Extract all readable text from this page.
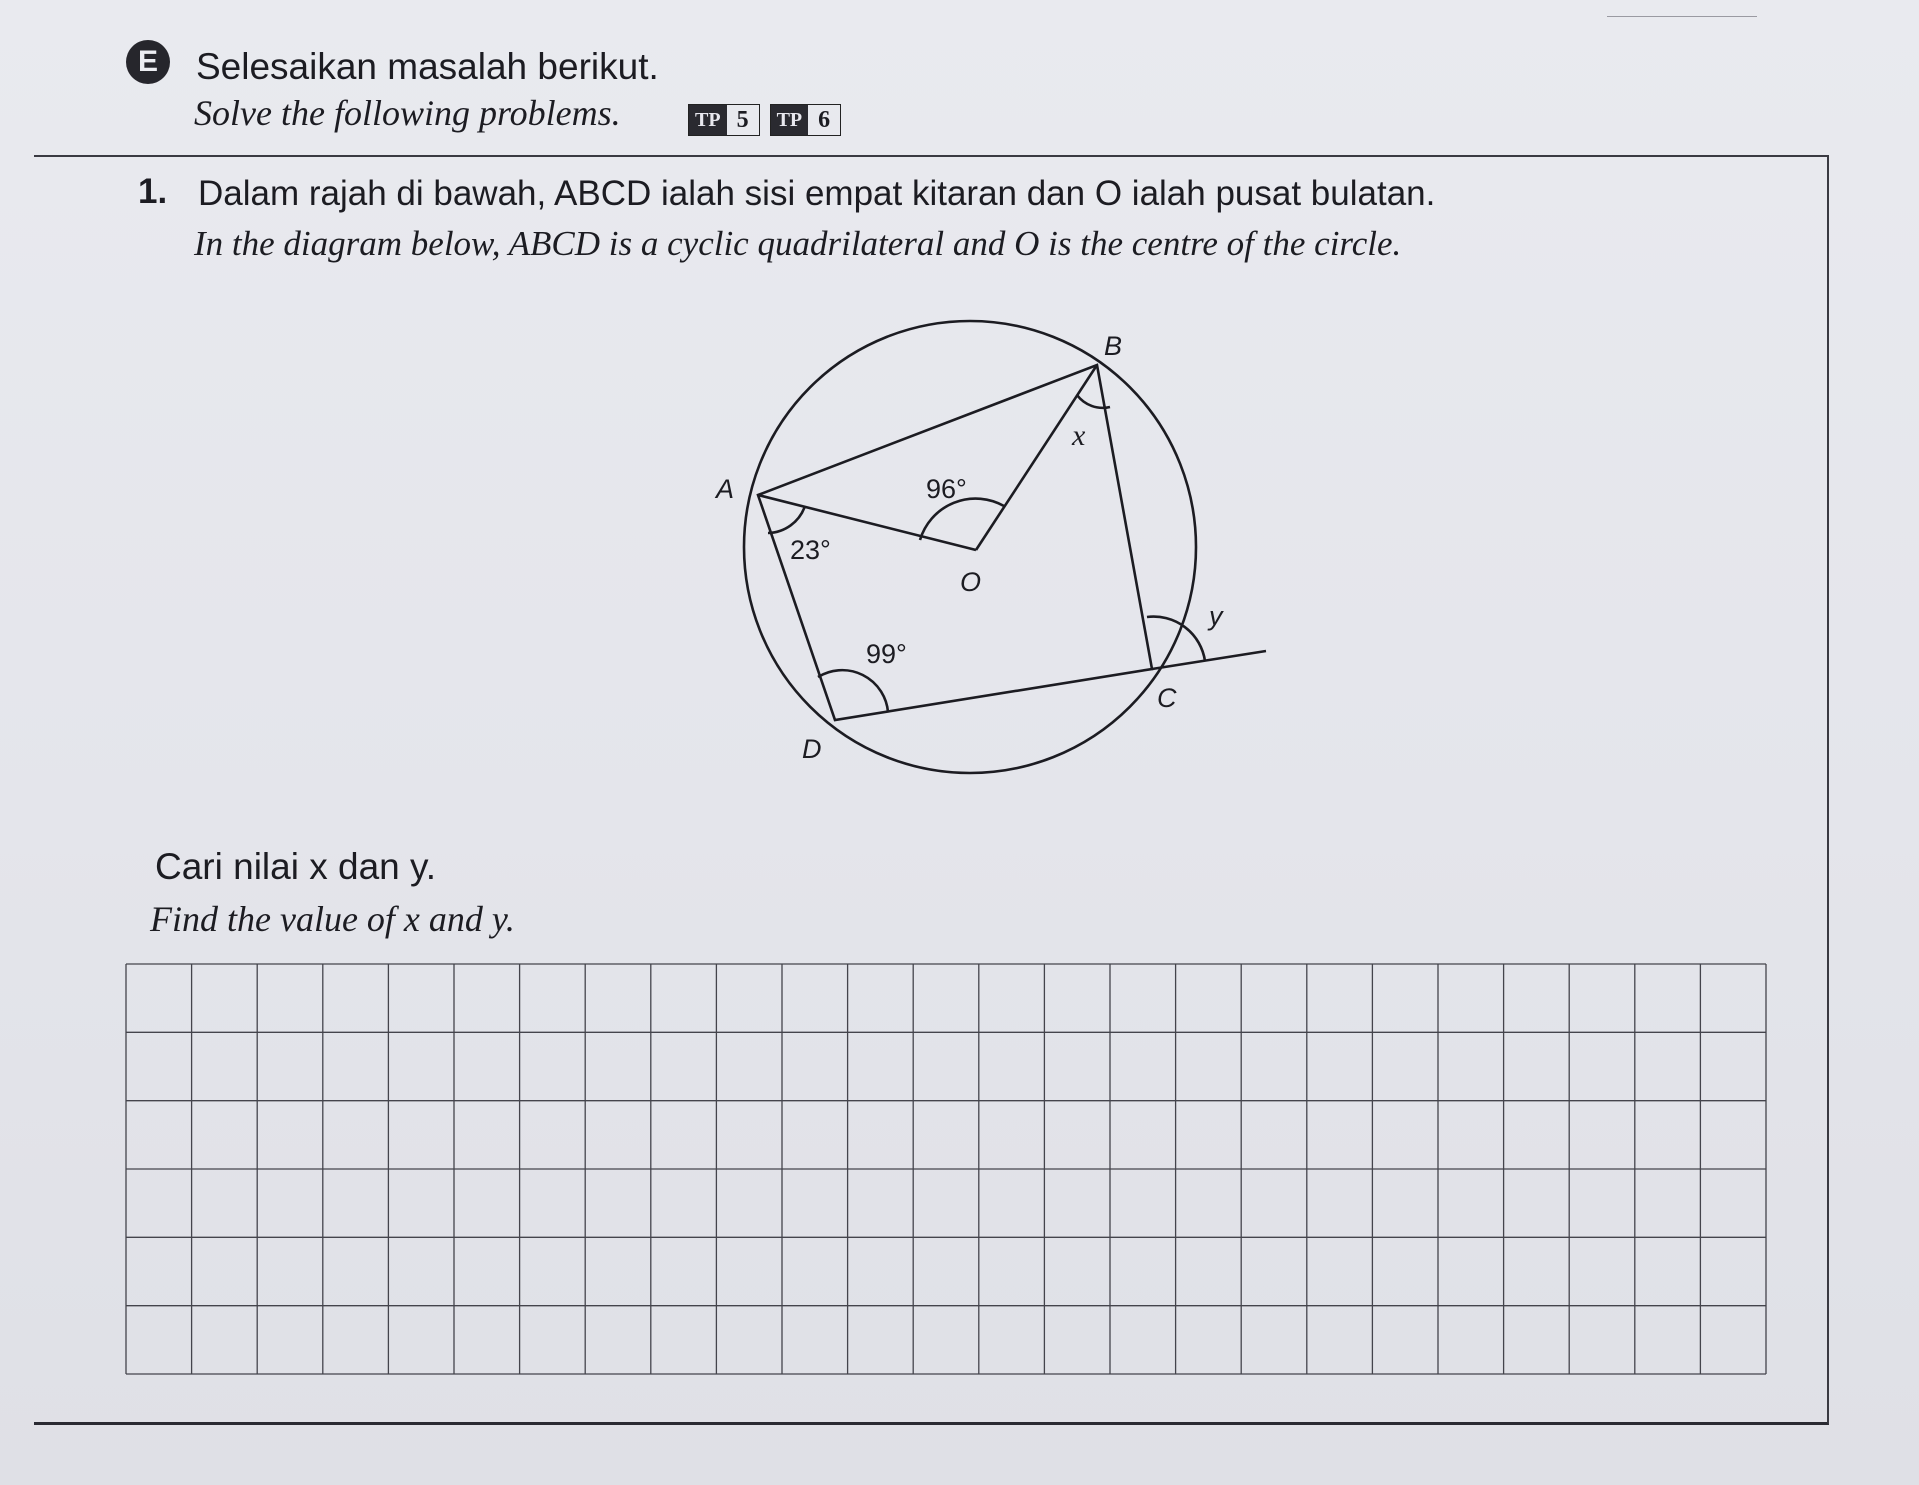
E	Selesaikan masalah berikut.
Solve the following problems.	TP 5	TP 6
1. Dalam rajah di bawah, ABCD ialah sisi empat kitaran dan O ialah pusat bulatan.
In the diagram below, ABCD is a cyclic quadrilateral and O is the centre of the circle.
B
A
O
C
D
96°
23°
99°
x
y
Cari nilai x dan y.
Find the value of x and y.
